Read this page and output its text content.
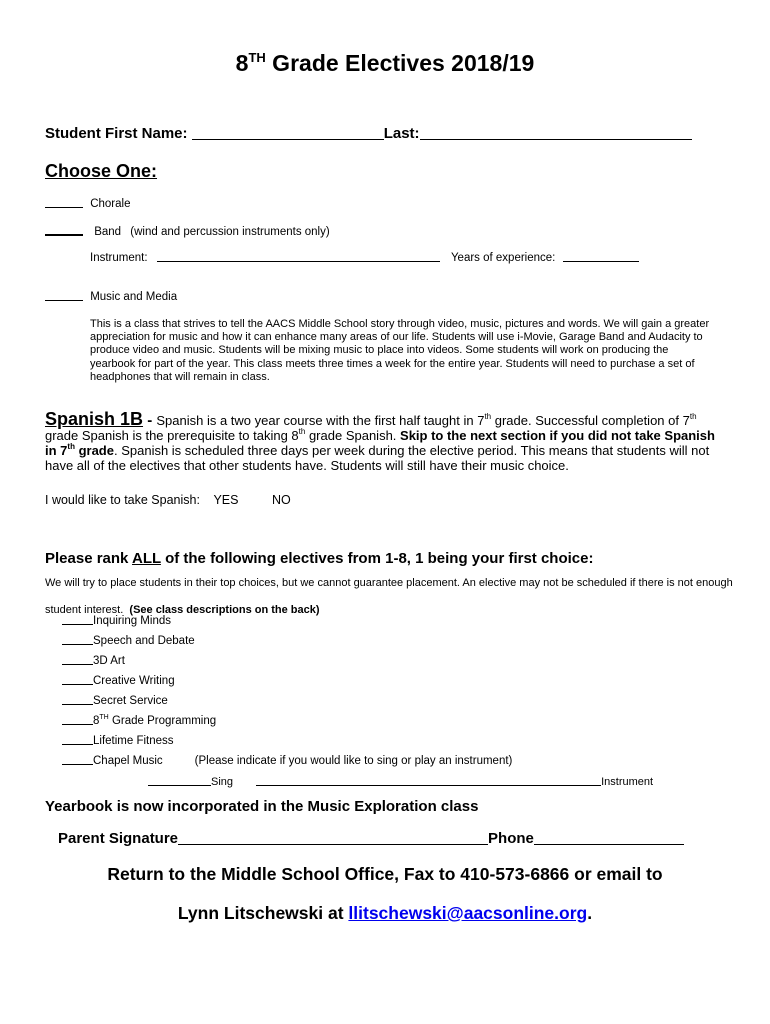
8TH Grade Electives 2018/19
Student First Name:	Last:
Choose One:
Chorale
Band (wind and percussion instruments only)
Instrument:	Years of experience:
Music and Media
This is a class that strives to tell the AACS Middle School story through video, music, pictures and words. We will gain a greater appreciation for music and how it can enhance many areas of our life. Students will use i-Movie, Garage Band and Audacity to produce video and music. Students will be mixing music to place into videos. Some students will work on producing the yearbook for part of the year. This class meets three times a week for the entire year. Students will need to purchase a set of headphones that will remain in class.
Spanish 1B - Spanish is a two year course with the first half taught in 7th grade. Successful completion of 7th grade Spanish is the prerequisite to taking 8th grade Spanish. Skip to the next section if you did not take Spanish in 7th grade. Spanish is scheduled three days per week during the elective period. This means that students will not have all of the electives that other students have. Students will still have their music choice.
I would like to take Spanish: YES	NO
Please rank ALL of the following electives from 1-8, 1 being your first choice:
We will try to place students in their top choices, but we cannot guarantee placement. An elective may not be scheduled if there is not enough student interest. (See class descriptions on the back)
Inquiring Minds
Speech and Debate
3D Art
Creative Writing
Secret Service
8TH Grade Programming
Lifetime Fitness
Chapel Music	(Please indicate if you would like to sing or play an instrument)
Sing	Instrument
Yearbook is now incorporated in the Music Exploration class
Parent Signature	Phone
Return to the Middle School Office, Fax to 410-573-6866 or email to
Lynn Litschewski at llitschewski@aacsonline.org.
